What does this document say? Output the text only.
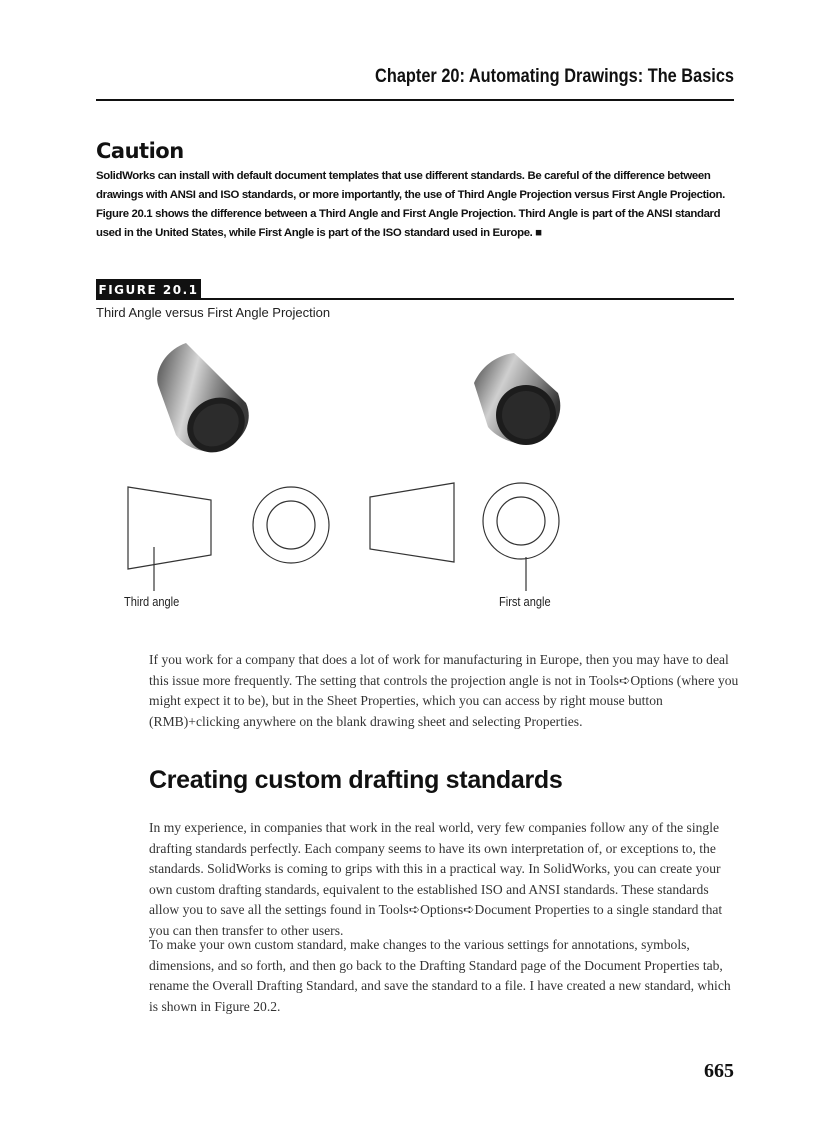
Chapter 20: Automating Drawings: The Basics
Caution
SolidWorks can install with default document templates that use different standards. Be careful of the difference between drawings with ANSI and ISO standards, or more importantly, the use of Third Angle Projection versus First Angle Projection. Figure 20.1 shows the difference between a Third Angle and First Angle Projection. Third Angle is part of the ANSI standard used in the United States, while First Angle is part of the ISO standard used in Europe. ■
FIGURE 20.1
Third Angle versus First Angle Projection
Third angle	First angle
If you work for a company that does a lot of work for manufacturing in Europe, then you may have to deal this issue more frequently. The setting that controls the projection angle is not in Tools➪Options (where you might expect it to be), but in the Sheet Properties, which you can access by right mouse button (RMB)+clicking anywhere on the blank drawing sheet and selecting Properties.
Creating custom drafting standards
In my experience, in companies that work in the real world, very few companies follow any of the single drafting standards perfectly. Each company seems to have its own interpretation of, or exceptions to, the standards. SolidWorks is coming to grips with this in a practical way. In SolidWorks, you can create your own custom drafting standards, equivalent to the established ISO and ANSI standards. These standards allow you to save all the settings found in Tools➪Options➪Document Properties to a single standard that you can then transfer to other users.
To make your own custom standard, make changes to the various settings for annotations, symbols, dimensions, and so forth, and then go back to the Drafting Standard page of the Document Properties tab, rename the Overall Drafting Standard, and save the standard to a file. I have created a new standard, which is shown in Figure 20.2.
665
